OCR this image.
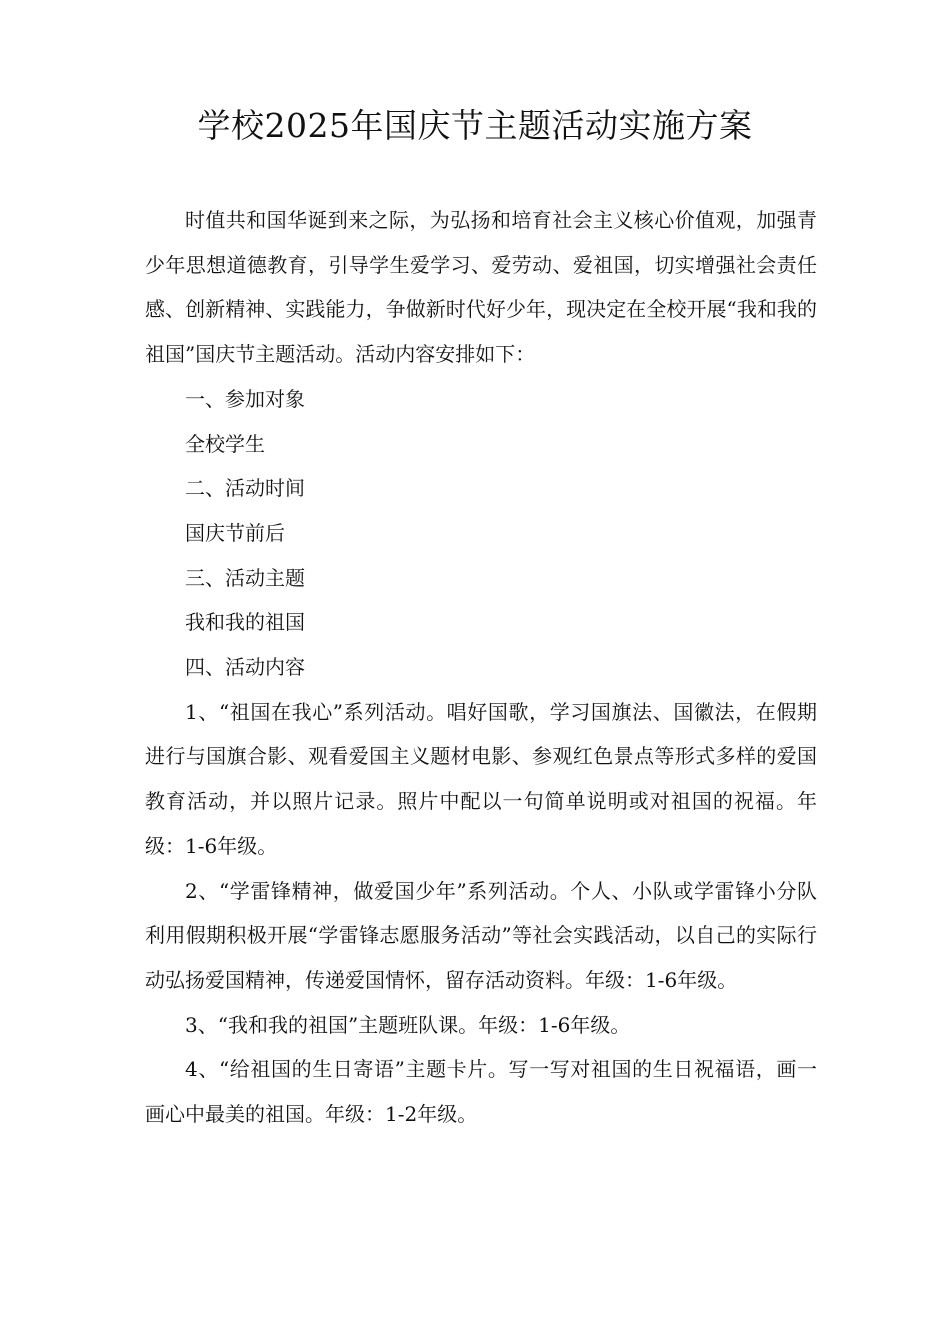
学校2025年国庆节主题活动实施方案

时值共和国华诞到来之际，为弘扬和培育社会主义核心价值观，加强青少年思想道德教育，引导学生爱学习、爱劳动、爱祖国，切实增强社会责任感、创新精神、实践能力，争做新时代好少年，现决定在全校开展“我和我的祖国”国庆节主题活动。活动内容安排如下：

一、参加对象

全校学生

二、活动时间

国庆节前后

三、活动主题

我和我的祖国

四、活动内容

1、“祖国在我心”系列活动。唱好国歌，学习国旗法、国徽法，在假期进行与国旗合影、观看爱国主义题材电影、参观红色景点等形式多样的爱国教育活动，并以照片记录。照片中配以一句简单说明或对祖国的祝福。年级：1-6年级。

2、“学雷锋精神，做爱国少年”系列活动。个人、小队或学雷锋小分队利用假期积极开展“学雷锋志愿服务活动”等社会实践活动，以自己的实际行动弘扬爱国精神，传递爱国情怀，留存活动资料。年级：1-6年级。

3、“我和我的祖国”主题班队课。年级：1-6年级。

4、“给祖国的生日寄语”主题卡片。写一写对祖国的生日祝福语，画一画心中最美的祖国。年级：1-2年级。
